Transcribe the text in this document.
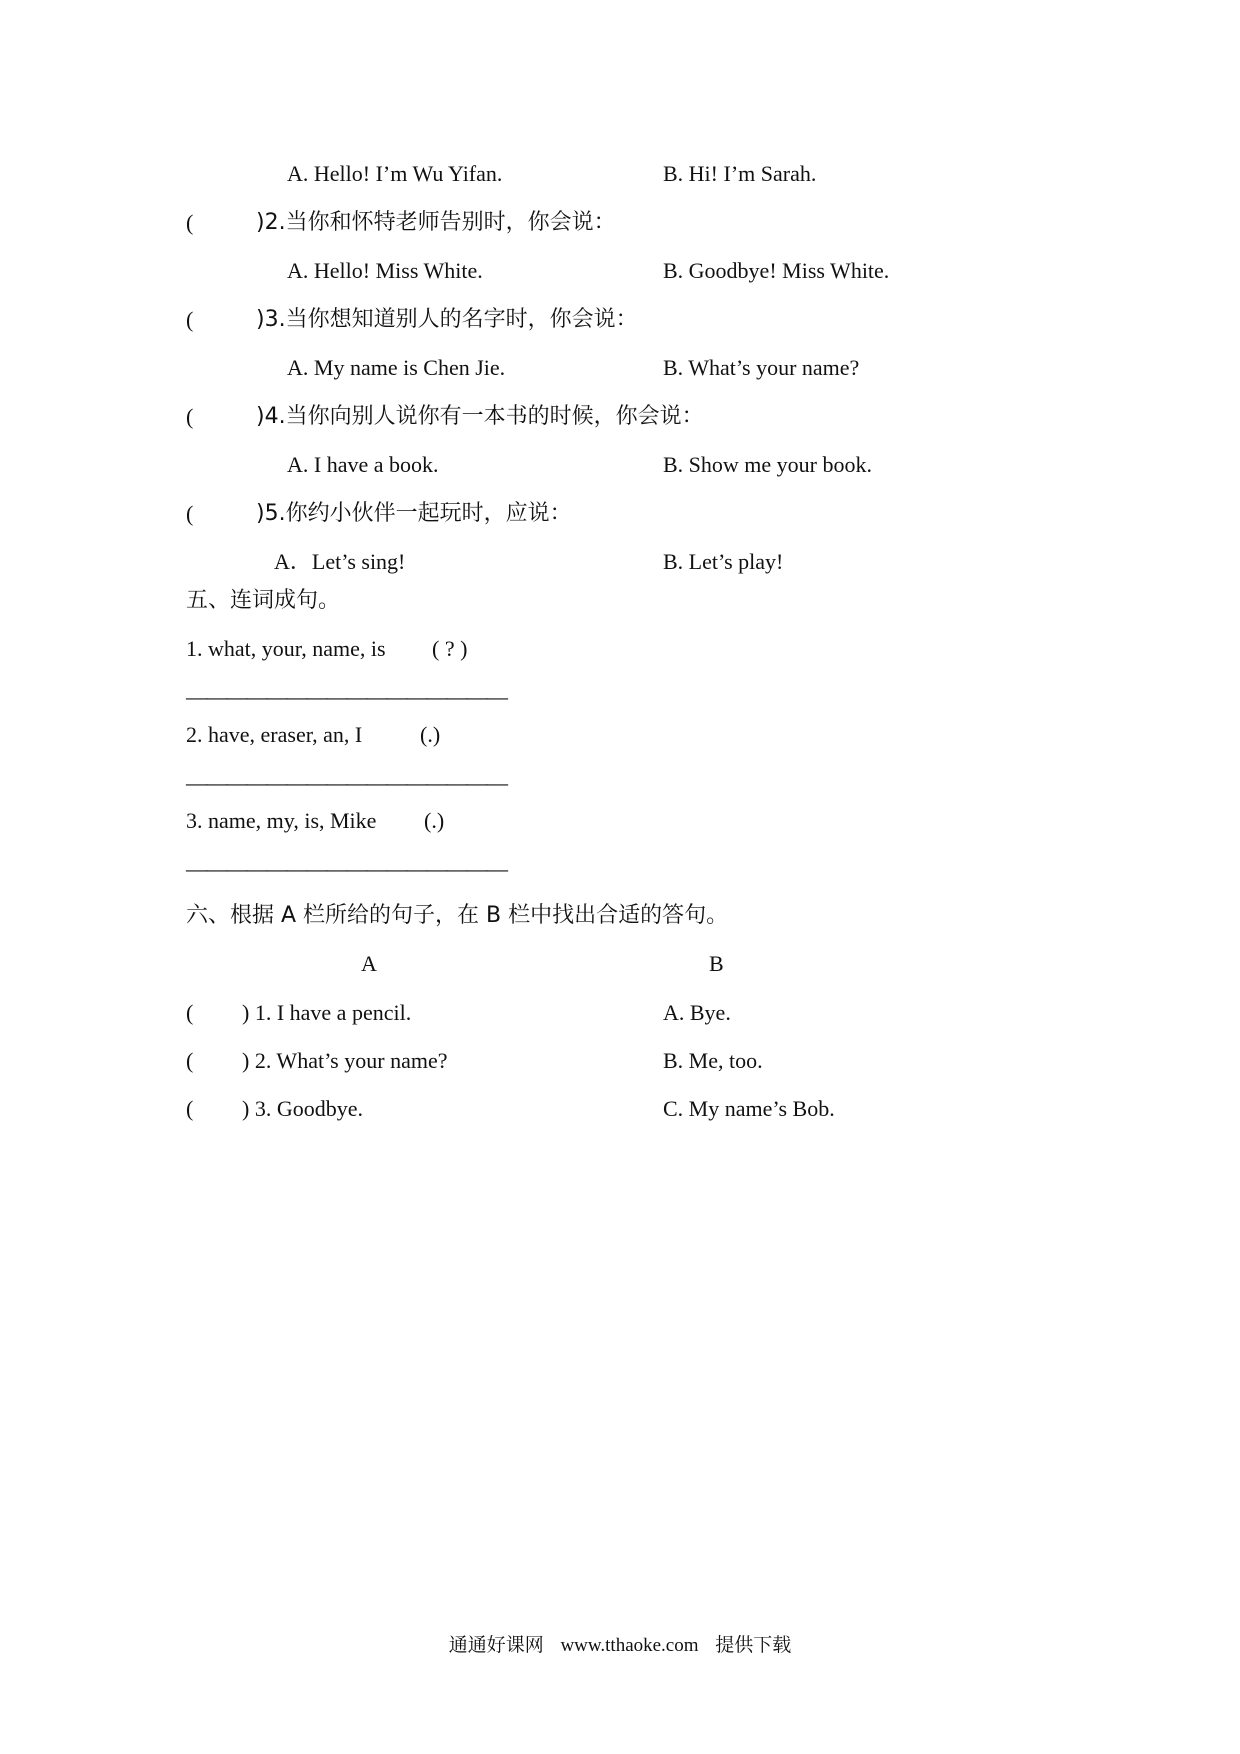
A. Hello! I’m Wu Yifan.	B. Hi! I’m Sarah.
(	)2.当你和怀特老师告别时，你会说：
A. Hello! Miss White.	B. Goodbye! Miss White.
(	)3.当你想知道别人的名字时，你会说：
A. My name is Chen Jie.	B. What’s your name?
(	)4.当你向别人说你有一本书的时候，你会说：
A. I have a book.	B. Show me your book.
(	)5.你约小伙伴一起玩时，应说：
A．Let’s sing!	B. Let’s play!
五、连词成句。
1. what, your, name, is ( ? )
————————————————
2. have, eraser, an, I	(.)
————————————————
3. name, my, is, Mike (.)
————————————————
六、根据 A 栏所给的句子，在 B 栏中找出合适的答句。
A	B
( ) 1. I have a pencil.	A. Bye.
( ) 2. What’s your name?	B. Me, too.
( ) 3. Goodbye.	C. My name’s Bob.
通通好课网 www.tthaoke.com 提供下载
